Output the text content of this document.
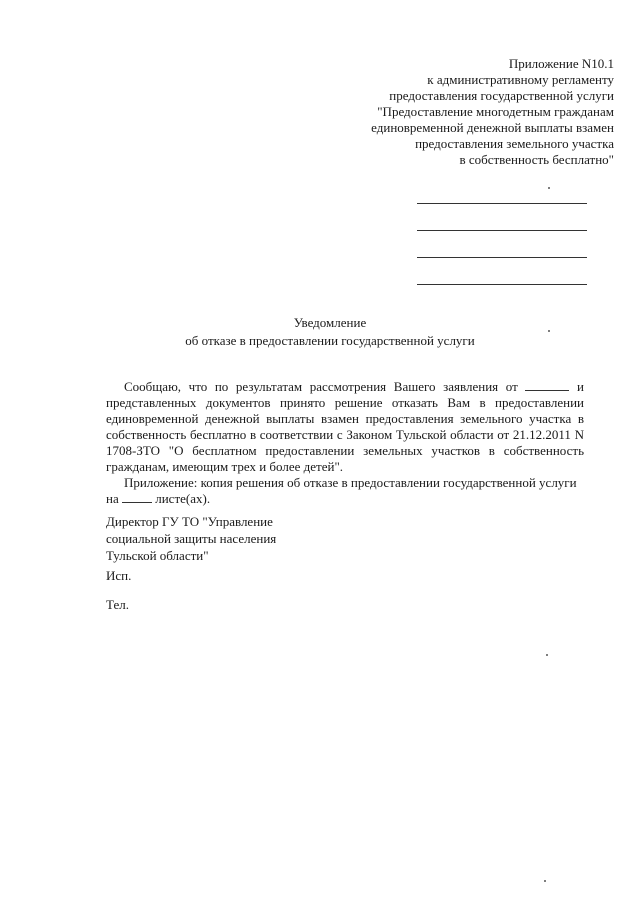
Приложение N10.1
к административному регламенту
предоставления государственной услуги
"Предоставление многодетным гражданам
единовременной денежной выплаты взамен
предоставления земельного участка
в собственность бесплатно"
Уведомление
об отказе в предоставлении государственной услуги

Сообщаю, что по результатам рассмотрения Вашего заявления от	и представленных документов принято решение отказать Вам в предоставлении единовременной денежной выплаты взамен предоставления земельного участка в собственность бесплатно в соответствии с Законом Тульской области от 21.12.2011 N 1708-ЗТО "О бесплатном предоставлении земельных участков в собственность гражданам, имеющим трех и более детей".

Приложение: копия решения об отказе в предоставлении государственной услуги

на	листе(ах).

Директор ГУ ТО "Управление
социальной защиты населения
Тульской области"
Исп.
Тел.
